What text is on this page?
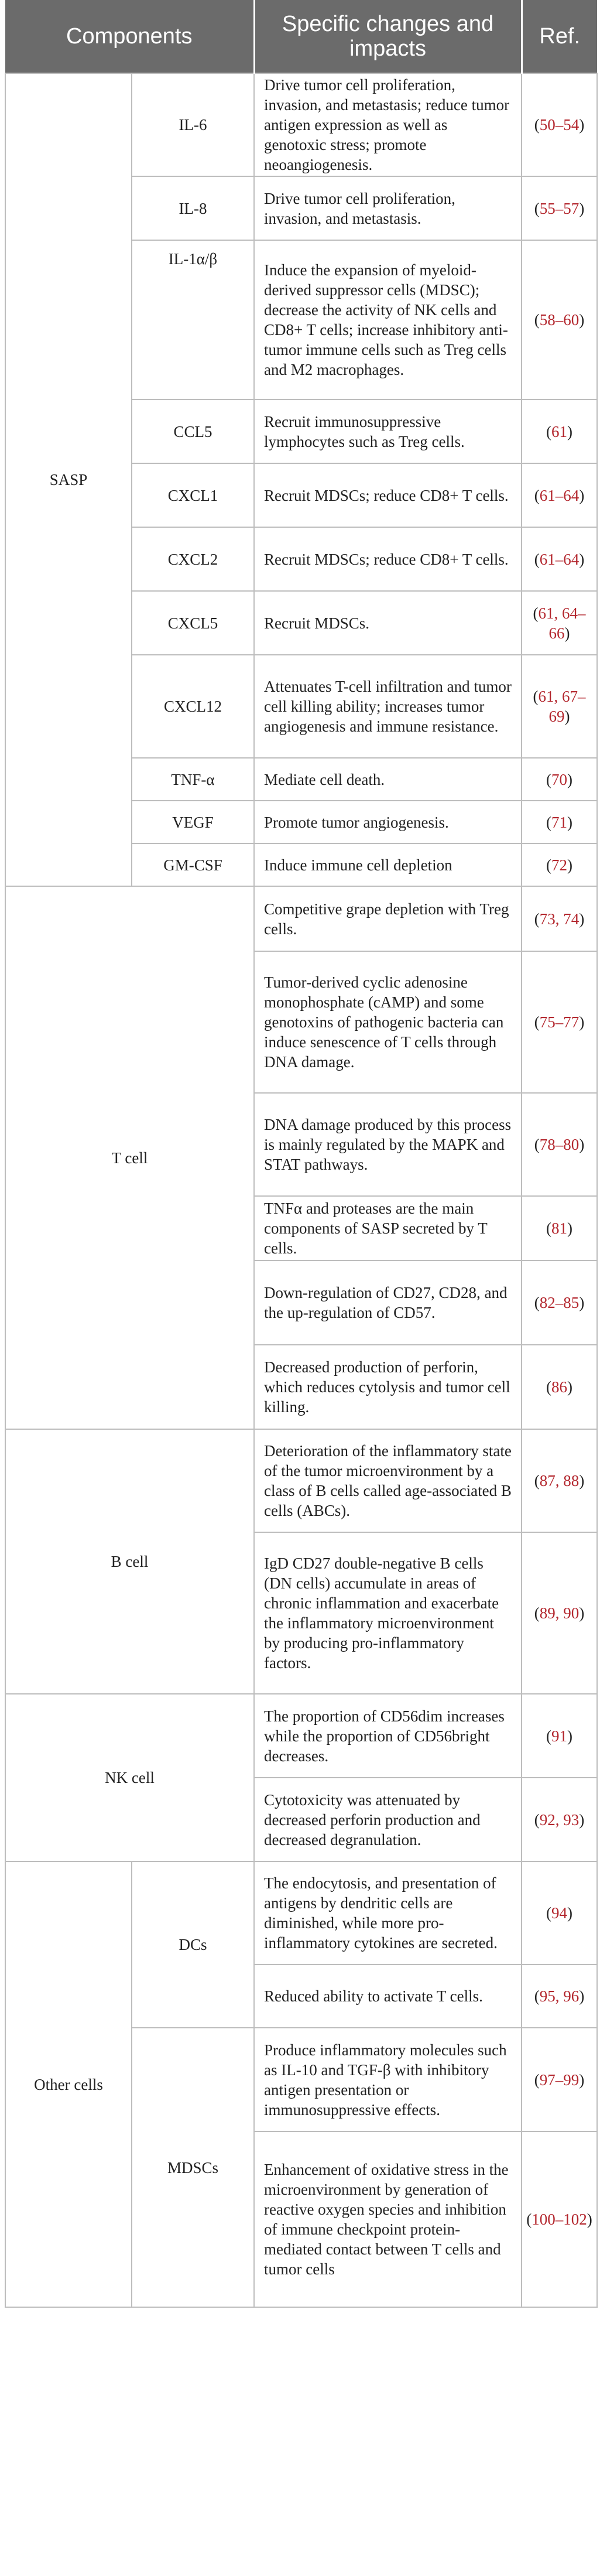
Components		Specific changes and impacts	Ref.
SASP	IL-6	Drive tumor cell proliferation, invasion, and metastasis; reduce tumor antigen expression as well as genotoxic stress; promote neoangiogenesis.	(50–54)
	IL-8	Drive tumor cell proliferation, invasion, and metastasis.	(55–57)
	IL-1α/β	Induce the expansion of myeloid-derived suppressor cells (MDSC); decrease the activity of NK cells and CD8+ T cells; increase inhibitory anti-tumor immune cells such as Treg cells and M2 macrophages.	(58–60)
	CCL5	Recruit immunosuppressive lymphocytes such as Treg cells.	(61)
	CXCL1	Recruit MDSCs; reduce CD8+ T cells.	(61–64)
	CXCL2	Recruit MDSCs; reduce CD8+ T cells.	(61–64)
	CXCL5	Recruit MDSCs.	(61, 64–66)
	CXCL12	Attenuates T-cell infiltration and tumor cell killing ability; increases tumor angiogenesis and immune resistance.	(61, 67–69)
	TNF-α	Mediate cell death.	(70)
	VEGF	Promote tumor angiogenesis.	(71)
	GM-CSF	Induce immune cell depletion	(72)
T cell		Competitive grape depletion with Treg cells.	(73, 74)
		Tumor-derived cyclic adenosine monophosphate (cAMP) and some genotoxins of pathogenic bacteria can induce senescence of T cells through DNA damage.	(75–77)
		DNA damage produced by this process is mainly regulated by the MAPK and STAT pathways.	(78–80)
		TNFα and proteases are the main components of SASP secreted by T cells.	(81)
		Down-regulation of CD27, CD28, and the up-regulation of CD57.	(82–85)
		Decreased production of perforin, which reduces cytolysis and tumor cell killing.	(86)
B cell		Deterioration of the inflammatory state of the tumor microenvironment by a class of B cells called age-associated B cells (ABCs).	(87, 88)
		IgD CD27 double-negative B cells (DN cells) accumulate in areas of chronic inflammation and exacerbate the inflammatory microenvironment by producing pro-inflammatory factors.	(89, 90)
NK cell		The proportion of CD56dim increases while the proportion of CD56bright decreases.	(91)
		Cytotoxicity was attenuated by decreased perforin production and decreased degranulation.	(92, 93)
Other cells	DCs	The endocytosis, and presentation of antigens by dendritic cells are diminished, while more pro-inflammatory cytokines are secreted.	(94)
		Reduced ability to activate T cells.	(95, 96)
	MDSCs	Produce inflammatory molecules such as IL-10 and TGF-β with inhibitory antigen presentation or immunosuppressive effects.	(97–99)
		Enhancement of oxidative stress in the microenvironment by generation of reactive oxygen species and inhibition of immune checkpoint protein-mediated contact between T cells and tumor cells	(100–102)
